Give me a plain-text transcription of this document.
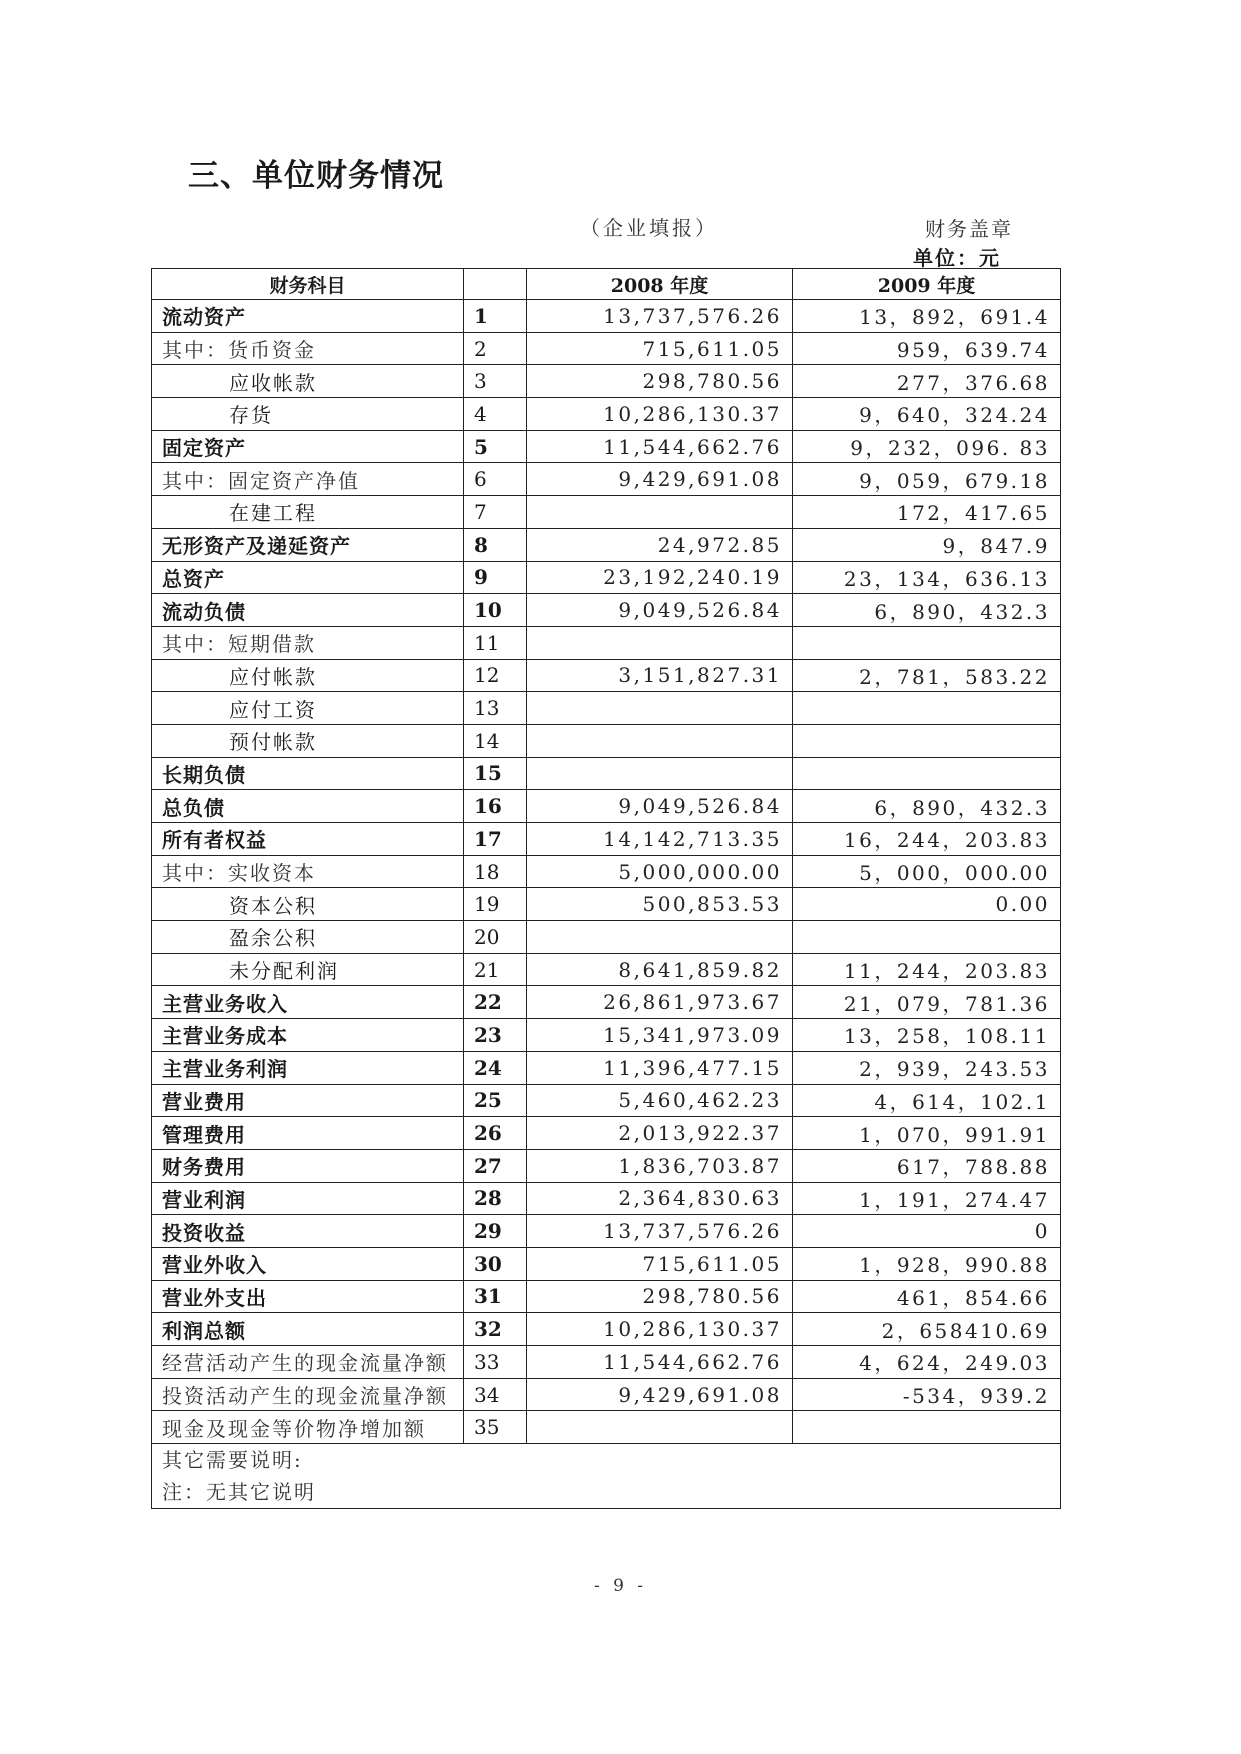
三、单位财务情况
（企业填报）	财务盖章
单位：元
财务科目		2008 年度	2009 年度
流动资产	1	13,737,576.26	13，892，691.4
其中：货币资金	2	715,611.05	959，639.74
应收帐款	3	298,780.56	277，376.68
存货	4	10,286,130.37	9，640，324.24
固定资产	5	11,544,662.76	9，232，096. 83
其中：固定资产净值	6	9,429,691.08	9，059，679.18
在建工程	7		172，417.65
无形资产及递延资产	8	24,972.85	9，847.9
总资产	9	23,192,240.19	23，134，636.13
流动负债	10	9,049,526.84	6，890，432.3
其中：短期借款	11		
应付帐款	12	3,151,827.31	2，781，583.22
应付工资	13		
预付帐款	14		
长期负债	15		
总负债	16	9,049,526.84	6，890，432.3
所有者权益	17	14,142,713.35	16，244，203.83
其中：实收资本	18	5,000,000.00	5，000，000.00
资本公积	19	500,853.53	0.00
盈余公积	20		
未分配利润	21	8,641,859.82	11，244，203.83
主营业务收入	22	26,861,973.67	21，079，781.36
主营业务成本	23	15,341,973.09	13，258，108.11
主营业务利润	24	11,396,477.15	2，939，243.53
营业费用	25	5,460,462.23	4，614，102.1
管理费用	26	2,013,922.37	1，070，991.91
财务费用	27	1,836,703.87	617，788.88
营业利润	28	2,364,830.63	1，191，274.47
投资收益	29	13,737,576.26	0
营业外收入	30	715,611.05	1，928，990.88
营业外支出	31	298,780.56	461，854.66
利润总额	32	10,286,130.37	2，658410.69
经营活动产生的现金流量净额	33	11,544,662.76	4，624，249.03
投资活动产生的现金流量净额	34	9,429,691.08	-534，939.2
现金及现金等价物净增加额	35		

其它需要说明:
注：无其它说明			
- 9 -
